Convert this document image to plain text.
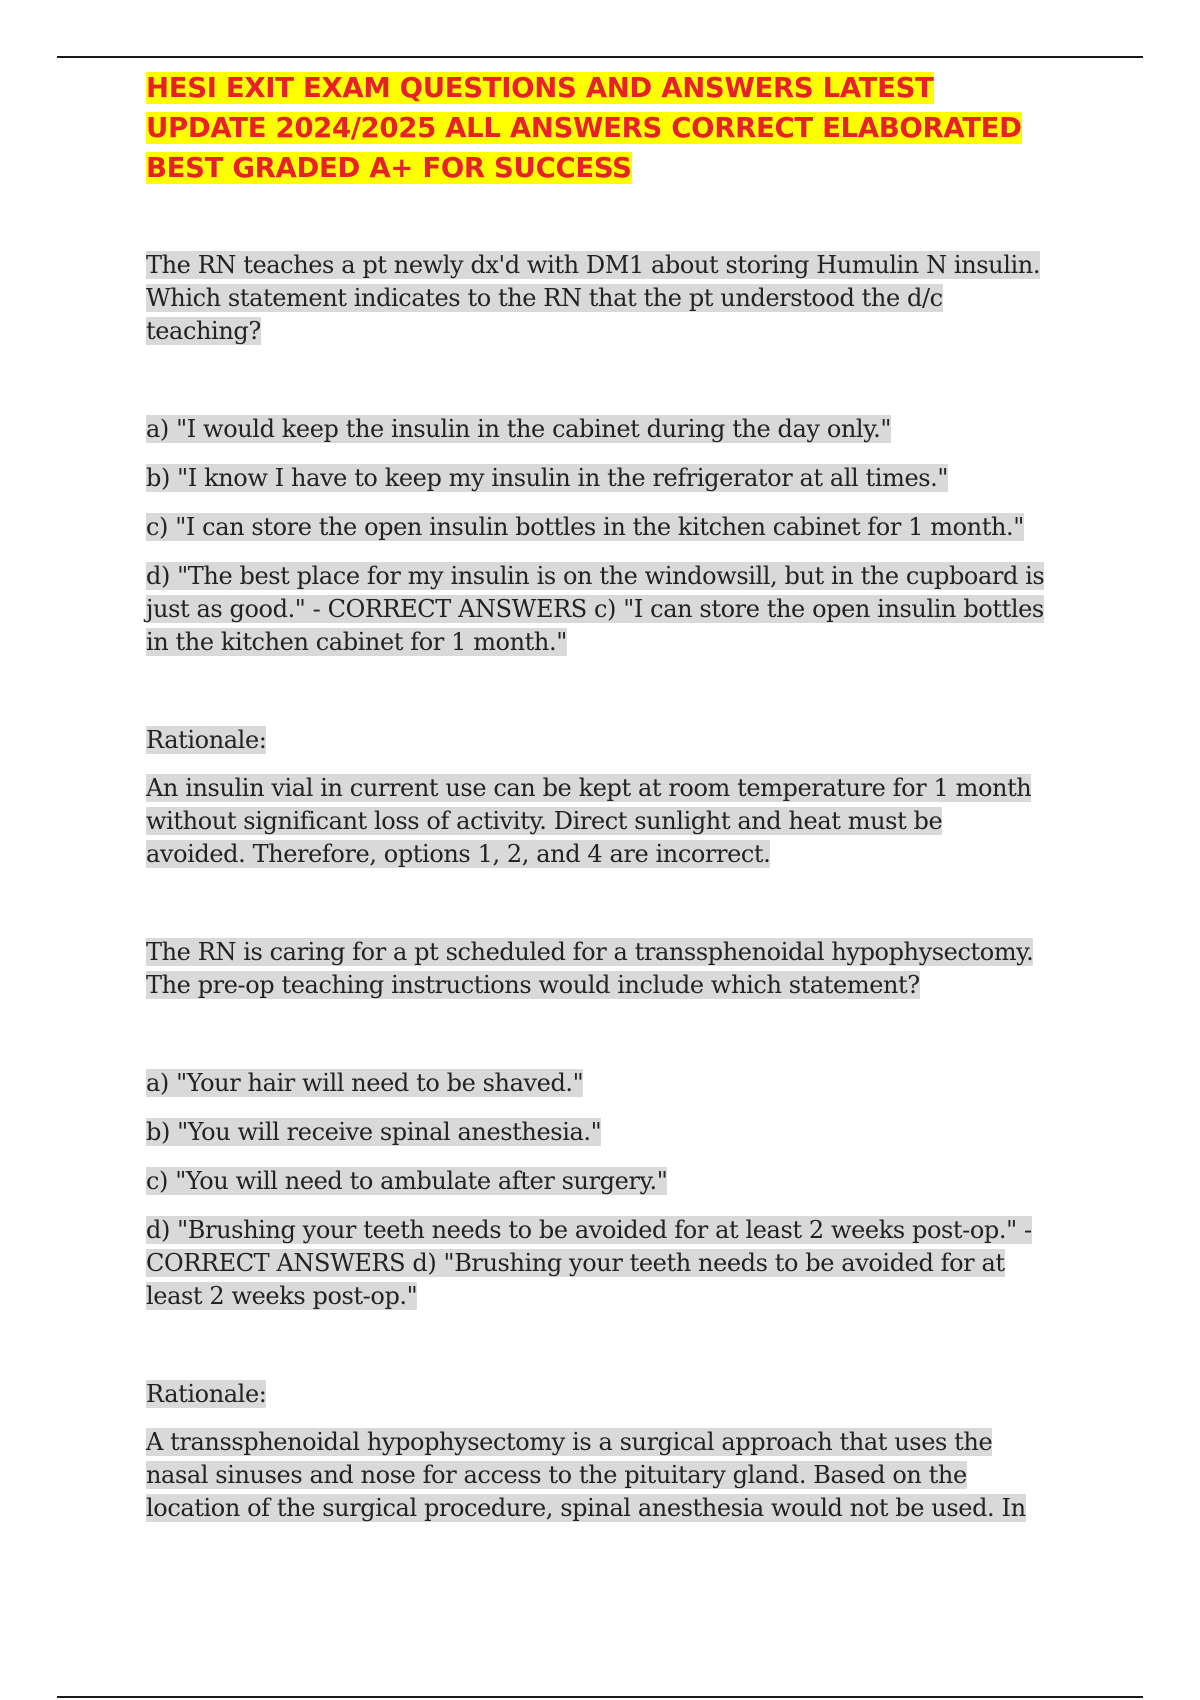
HESI EXIT EXAM QUESTIONS AND ANSWERS LATEST UPDATE 2024/2025 ALL ANSWERS CORRECT ELABORATED BEST GRADED A+ FOR SUCCESS

The RN teaches a pt newly dx'd with DM1 about storing Humulin N insulin. Which statement indicates to the RN that the pt understood the d/c teaching?

a) "I would keep the insulin in the cabinet during the day only."

b) "I know I have to keep my insulin in the refrigerator at all times."

c) "I can store the open insulin bottles in the kitchen cabinet for 1 month."

d) "The best place for my insulin is on the windowsill, but in the cupboard is just as good." - CORRECT ANSWERS c) "I can store the open insulin bottles in the kitchen cabinet for 1 month."

Rationale:

An insulin vial in current use can be kept at room temperature for 1 month without significant loss of activity. Direct sunlight and heat must be avoided. Therefore, options 1, 2, and 4 are incorrect.

The RN is caring for a pt scheduled for a transsphenoidal hypophysectomy. The pre-op teaching instructions would include which statement?

a) "Your hair will need to be shaved."

b) "You will receive spinal anesthesia."

c) "You will need to ambulate after surgery."

d) "Brushing your teeth needs to be avoided for at least 2 weeks post-op." - CORRECT ANSWERS d) "Brushing your teeth needs to be avoided for at least 2 weeks post-op."

Rationale:

A transsphenoidal hypophysectomy is a surgical approach that uses the nasal sinuses and nose for access to the pituitary gland. Based on the location of the surgical procedure, spinal anesthesia would not be used. In
